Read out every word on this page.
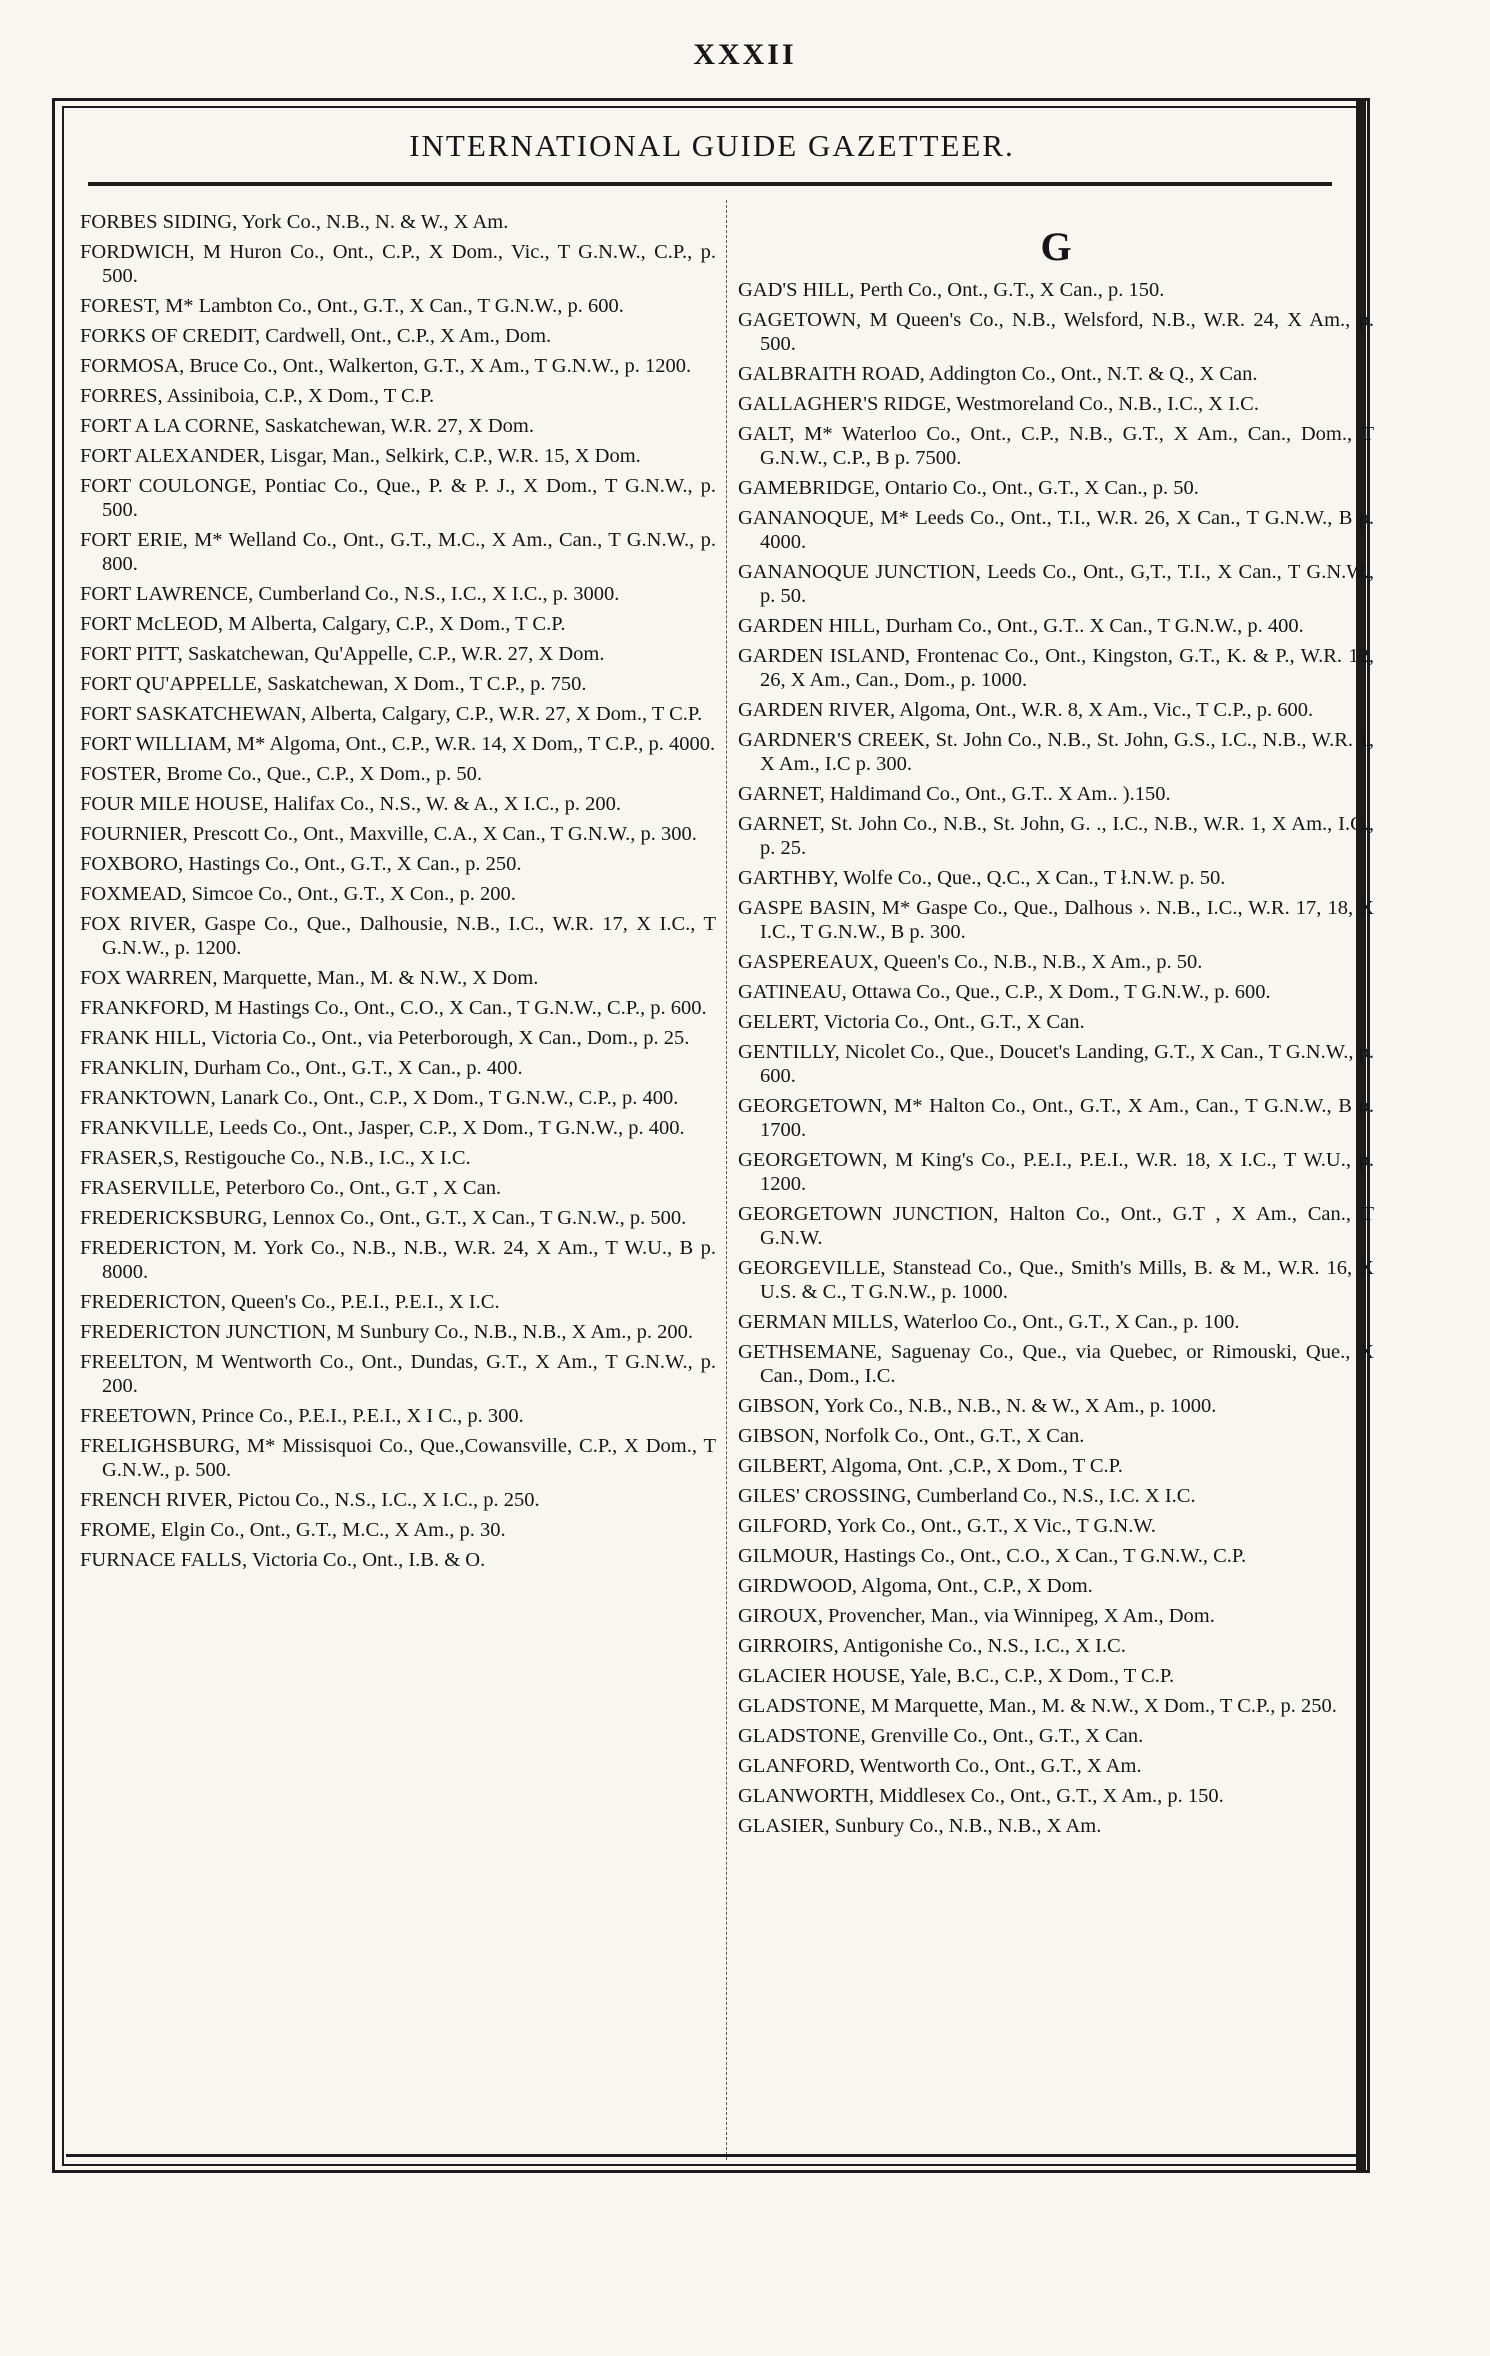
XXXII
INTERNATIONAL GUIDE GAZETTEER.
FORBES SIDING, York Co., N.B., N. & W., X Am.
FORDWICH, M Huron Co., Ont., C.P., X Dom., Vic., T G.N.W., C.P., p. 500.
FOREST, M* Lambton Co., Ont., G.T., X Can., T G.N.W., p. 600.
FORKS OF CREDIT, Cardwell, Ont., C.P., X Am., Dom.
FORMOSA, Bruce Co., Ont., Walkerton, G.T., X Am., T G.N.W., p. 1200.
FORRES, Assiniboia, C.P., X Dom., T C.P.
FORT A LA CORNE, Saskatchewan, W.R. 27, X Dom.
FORT ALEXANDER, Lisgar, Man., Selkirk, C.P., W.R. 15, X Dom.
FORT COULONGE, Pontiac Co., Que., P. & P. J., X Dom., T G.N.W., p. 500.
FORT ERIE, M* Welland Co., Ont., G.T., M.C., X Am., Can., T G.N.W., p. 800.
FORT LAWRENCE, Cumberland Co., N.S., I.C., X I.C., p. 3000.
FORT McLEOD, M Alberta, Calgary, C.P., X Dom., T C.P.
FORT PITT, Saskatchewan, Qu'Appelle, C.P., W.R. 27, X Dom.
FORT QU'APPELLE, Saskatchewan, X Dom., T C.P., p. 750.
FORT SASKATCHEWAN, Alberta, Calgary, C.P., W.R. 27, X Dom., T C.P.
FORT WILLIAM, M* Algoma, Ont., C.P., W.R. 14, X Dom,, T C.P., p. 4000.
FOSTER, Brome Co., Que., C.P., X Dom., p. 50.
FOUR MILE HOUSE, Halifax Co., N.S., W. & A., X I.C., p. 200.
FOURNIER, Prescott Co., Ont., Maxville, C.A., X Can., T G.N.W., p. 300.
FOXBORO, Hastings Co., Ont., G.T., X Can., p. 250.
FOXMEAD, Simcoe Co., Ont., G.T., X Con., p. 200.
FOX RIVER, Gaspe Co., Que., Dalhousie, N.B., I.C., W.R. 17, X I.C., T G.N.W., p. 1200.
FOX WARREN, Marquette, Man., M. & N.W., X Dom.
FRANKFORD, M Hastings Co., Ont., C.O., X Can., T G.N.W., C.P., p. 600.
FRANK HILL, Victoria Co., Ont., via Peterborough, X Can., Dom., p. 25.
FRANKLIN, Durham Co., Ont., G.T., X Can., p. 400.
FRANKTOWN, Lanark Co., Ont., C.P., X Dom., T G.N.W., C.P., p. 400.
FRANKVILLE, Leeds Co., Ont., Jasper, C.P., X Dom., T G.N.W., p. 400.
FRASER,S, Restigouche Co., N.B., I.C., X I.C.
FRASERVILLE, Peterboro Co., Ont., G.T , X Can.
FREDERICKSBURG, Lennox Co., Ont., G.T., X Can., T G.N.W., p. 500.
FREDERICTON, M. York Co., N.B., N.B., W.R. 24, X Am., T W.U., B p. 8000.
FREDERICTON, Queen's Co., P.E.I., P.E.I., X I.C.
FREDERICTON JUNCTION, M Sunbury Co., N.B., N.B., X Am., p. 200.
FREELTON, M Wentworth Co., Ont., Dundas, G.T., X Am., T G.N.W., p. 200.
FREETOWN, Prince Co., P.E.I., P.E.I., X I C., p. 300.
FRELIGHSBURG, M* Missisquoi Co., Que.,Cowansville, C.P., X Dom., T G.N.W., p. 500.
FRENCH RIVER, Pictou Co., N.S., I.C., X I.C., p. 250.
FROME, Elgin Co., Ont., G.T., M.C., X Am., p. 30.
FURNACE FALLS, Victoria Co., Ont., I.B. & O.
G
GAD'S HILL, Perth Co., Ont., G.T., X Can., p. 150.
GAGETOWN, M Queen's Co., N.B., Welsford, N.B., W.R. 24, X Am., p. 500.
GALBRAITH ROAD, Addington Co., Ont., N.T. & Q., X Can.
GALLAGHER'S RIDGE, Westmoreland Co., N.B., I.C., X I.C.
GALT, M* Waterloo Co., Ont., C.P., N.B., G.T., X Am., Can., Dom., T G.N.W., C.P., B p. 7500.
GAMEBRIDGE, Ontario Co., Ont., G.T., X Can., p. 50.
GANANOQUE, M* Leeds Co., Ont., T.I., W.R. 26, X Can., T G.N.W., B p. 4000.
GANANOQUE JUNCTION, Leeds Co., Ont., G,T., T.I., X Can., T G.N.W., p. 50.
GARDEN HILL, Durham Co., Ont., G.T.. X Can., T G.N.W., p. 400.
GARDEN ISLAND, Frontenac Co., Ont., Kingston, G.T., K. & P., W.R. 12, 26, X Am., Can., Dom., p. 1000.
GARDEN RIVER, Algoma, Ont., W.R. 8, X Am., Vic., T C.P., p. 600.
GARDNER'S CREEK, St. John Co., N.B., St. John, G.S., I.C., N.B., W.R. 1, X Am., I.C p. 300.
GARNET, Haldimand Co., Ont., G.T.. X Am.. ).150.
GARNET, St. John Co., N.B., St. John, G. ., I.C., N.B., W.R. 1, X Am., I.C., p. 25.
GARTHBY, Wolfe Co., Que., Q.C., X Can., T ł.N.W. p. 50.
GASPE BASIN, M* Gaspe Co., Que., Dalhous ›. N.B., I.C., W.R. 17, 18, X I.C., T G.N.W., B p. 300.
GASPEREAUX, Queen's Co., N.B., N.B., X Am., p. 50.
GATINEAU, Ottawa Co., Que., C.P., X Dom., T G.N.W., p. 600.
GELERT, Victoria Co., Ont., G.T., X Can.
GENTILLY, Nicolet Co., Que., Doucet's Landing, G.T., X Can., T G.N.W., p. 600.
GEORGETOWN, M* Halton Co., Ont., G.T., X Am., Can., T G.N.W., B p. 1700.
GEORGETOWN, M King's Co., P.E.I., P.E.I., W.R. 18, X I.C., T W.U., p. 1200.
GEORGETOWN JUNCTION, Halton Co., Ont., G.T , X Am., Can., T G.N.W.
GEORGEVILLE, Stanstead Co., Que., Smith's Mills, B. & M., W.R. 16, X U.S. & C., T G.N.W., p. 1000.
GERMAN MILLS, Waterloo Co., Ont., G.T., X Can., p. 100.
GETHSEMANE, Saguenay Co., Que., via Quebec, or Rimouski, Que., X Can., Dom., I.C.
GIBSON, York Co., N.B., N.B., N. & W., X Am., p. 1000.
GIBSON, Norfolk Co., Ont., G.T., X Can.
GILBERT, Algoma, Ont. ,C.P., X Dom., T C.P.
GILES' CROSSING, Cumberland Co., N.S., I.C. X I.C.
GILFORD, York Co., Ont., G.T., X Vic., T G.N.W.
GILMOUR, Hastings Co., Ont., C.O., X Can., T G.N.W., C.P.
GIRDWOOD, Algoma, Ont., C.P., X Dom.
GIROUX, Provencher, Man., via Winnipeg, X Am., Dom.
GIRROIRS, Antigonishe Co., N.S., I.C., X I.C.
GLACIER HOUSE, Yale, B.C., C.P., X Dom., T C.P.
GLADSTONE, M Marquette, Man., M. & N.W., X Dom., T C.P., p. 250.
GLADSTONE, Grenville Co., Ont., G.T., X Can.
GLANFORD, Wentworth Co., Ont., G.T., X Am.
GLANWORTH, Middlesex Co., Ont., G.T., X Am., p. 150.
GLASIER, Sunbury Co., N.B., N.B., X Am.
